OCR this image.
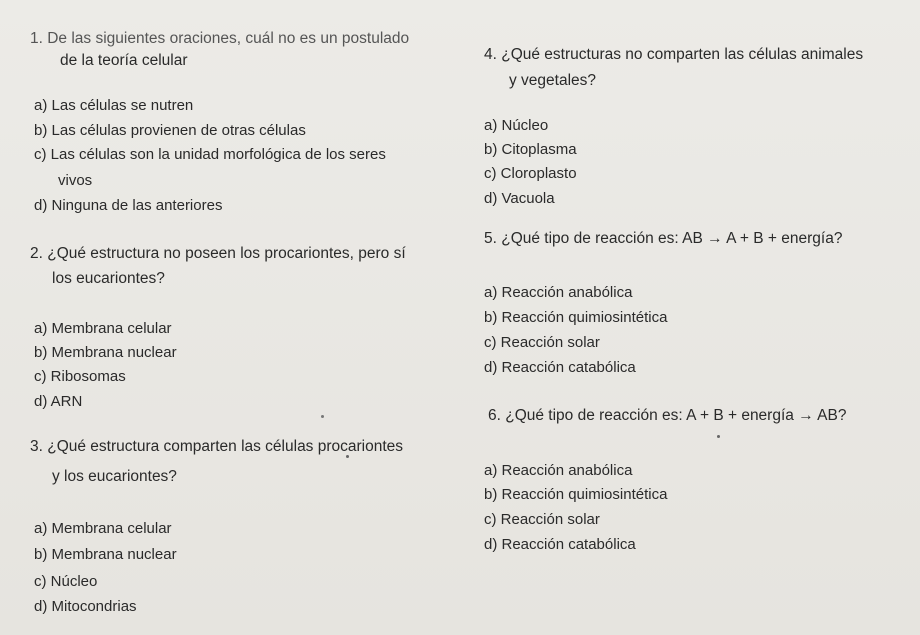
1. De las siguientes oraciones, cuál no es un postulado
de la teoría celular
a) Las células se nutren
b) Las células provienen de otras células
c) Las células son la unidad morfológica de los seres
vivos
d) Ninguna de las anteriores
2. ¿Qué estructura no poseen los procariontes, pero sí
los eucariontes?
a) Membrana celular
b) Membrana nuclear
c) Ribosomas
d) ARN
3. ¿Qué estructura comparten las células procariontes
y los eucariontes?
a) Membrana celular
b) Membrana nuclear
c) Núcleo
d) Mitocondrias
4. ¿Qué estructuras no comparten las células animales
y vegetales?
a) Núcleo
b) Citoplasma
c) Cloroplasto
d) Vacuola
5. ¿Qué tipo de reacción es: AB → A + B + energía?
a) Reacción anabólica
b) Reacción quimiosintética
c) Reacción solar
d) Reacción catabólica
6. ¿Qué tipo de reacción es: A + B + energía → AB?
a) Reacción anabólica
b) Reacción quimiosintética
c) Reacción solar
d) Reacción catabólica
